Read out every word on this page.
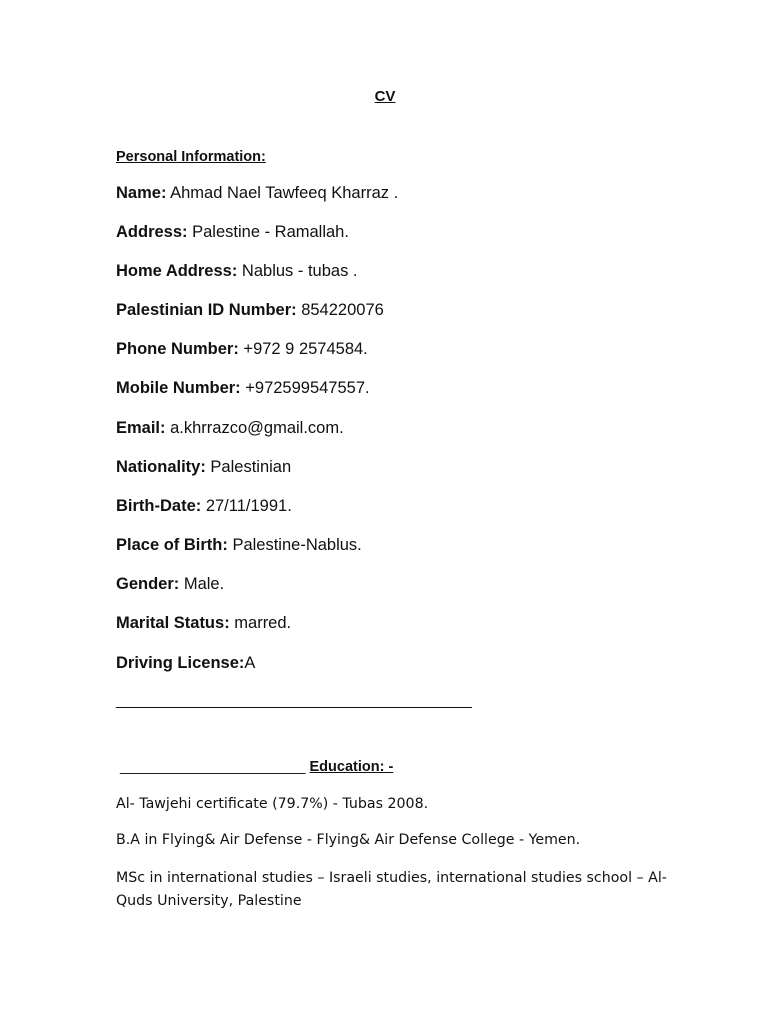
CV
Personal Information:
Name: Ahmad Nael Tawfeeq Kharraz .
Address: Palestine - Ramallah.
Home Address: Nablus - tubas .
Palestinian ID Number: 854220076
Phone Number: +972 9 2574584.
Mobile Number: +972599547557.
Email: a.khrrazco@gmail.com.
Nationality: Palestinian
Birth-Date: 27/11/1991.
Place of Birth: Palestine-Nablus.
Gender: Male.
Marital Status: marred.
Driving License:A
________________________________________
_______________________ Education: -
Al- Tawjehi certificate (79.7%) - Tubas 2008.
B.A in Flying& Air Defense - Flying& Air Defense College - Yemen.
MSc in international studies – Israeli studies, international studies school – Al-Quds University, Palestine
